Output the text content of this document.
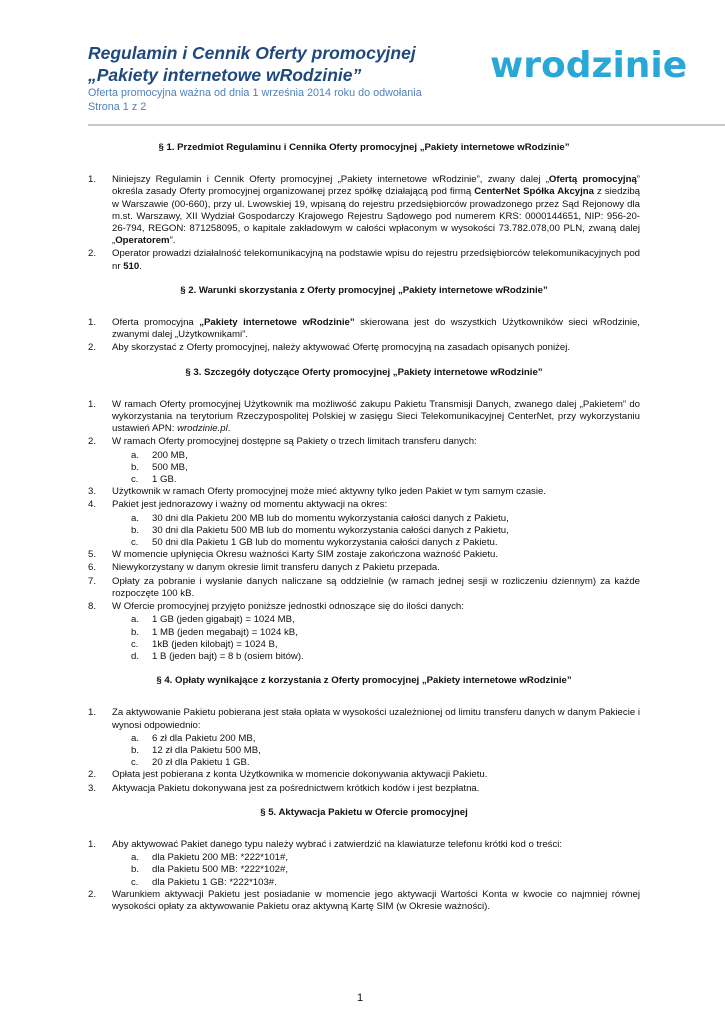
Regulamin i Cennik Oferty promocyjnej
„Pakiety internetowe wRodzinie”
Oferta promocyjna ważna od dnia 1 września 2014 roku do odwołania
Strona 1 z 2
wrodzinie
§ 1. Przedmiot Regulaminu i Cennika Oferty promocyjnej „Pakiety internetowe wRodzinie”
1.	Niniejszy Regulamin i Cennik Oferty promocyjnej „Pakiety internetowe wRodzinie”, zwany dalej „Ofertą promocyjną” określa zasady Oferty promocyjnej organizowanej przez spółkę działającą pod firmą CenterNet Spółka Akcyjna z siedzibą w Warszawie (00-660), przy ul. Lwowskiej 19, wpisaną do rejestru przedsiębiorców prowadzonego przez Sąd Rejonowy dla m.st. Warszawy, XII Wydział Gospodarczy Krajowego Rejestru Sądowego pod numerem KRS: 0000144651, NIP: 956-20-26-794, REGON: 871258095, o kapitale zakładowym w całości wpłaconym w wysokości 73.782.078,00 PLN, zwaną dalej „Operatorem”.
2.	Operator prowadzi działalność telekomunikacyjną na podstawie wpisu do rejestru przedsiębiorców telekomunikacyjnych pod nr 510.
§ 2. Warunki skorzystania z Oferty promocyjnej „Pakiety internetowe wRodzinie”
1.	Oferta promocyjna „Pakiety internetowe wRodzinie” skierowana jest do wszystkich Użytkowników sieci wRodzinie, zwanymi dalej „Użytkownikami”.
2.	Aby skorzystać z Oferty promocyjnej, należy aktywować Ofertę promocyjną na zasadach opisanych poniżej.
§ 3. Szczegóły dotyczące Oferty promocyjnej „Pakiety internetowe wRodzinie”
1.	W ramach Oferty promocyjnej Użytkownik ma możliwość zakupu Pakietu Transmisji Danych, zwanego dalej „Pakietem” do wykorzystania na terytorium Rzeczypospolitej Polskiej w zasięgu Sieci Telekomunikacyjnej CenterNet, przy wykorzystaniu ustawień APN: wrodzinie.pl.
2.	W ramach Oferty promocyjnej dostępne są Pakiety o trzech limitach transferu danych:
a.	200 MB,
b.	500 MB,
c.	1 GB.
3.	Użytkownik w ramach Oferty promocyjnej może mieć aktywny tylko jeden Pakiet w tym samym czasie.
4.	Pakiet jest jednorazowy i ważny od momentu aktywacji na okres:
a.	30 dni dla Pakietu 200 MB lub do momentu wykorzystania całości danych z Pakietu,
b.	30 dni dla Pakietu 500 MB lub do momentu wykorzystania całości danych z Pakietu,
c.	50 dni dla Pakietu 1 GB lub do momentu wykorzystania całości danych z Pakietu.
5.	W momencie upłynięcia Okresu ważności Karty SIM zostaje zakończona ważność Pakietu.
6.	Niewykorzystany w danym okresie limit transferu danych z Pakietu przepada.
7.	Opłaty za pobranie i wysłanie danych naliczane są oddzielnie (w ramach jednej sesji w rozliczeniu dziennym) za każde rozpoczęte 100 kB.
8.	W Ofercie promocyjnej przyjęto poniższe jednostki odnoszące się do ilości danych:
a.	1 GB (jeden gigabajt) = 1024 MB,
b.	1 MB (jeden megabajt) = 1024 kB,
c.	1kB (jeden kilobajt) = 1024 B,
d.	1 B (jeden bajt) = 8 b (osiem bitów).
§ 4. Opłaty wynikające z korzystania z Oferty promocyjnej „Pakiety internetowe wRodzinie”
1.	Za aktywowanie Pakietu pobierana jest stała opłata w wysokości uzależnionej od limitu transferu danych w danym Pakiecie i wynosi odpowiednio:
a.	6 zł dla Pakietu 200 MB,
b.	12 zł dla Pakietu 500 MB,
c.	20 zł dla Pakietu 1 GB.
2.	Opłata jest pobierana z konta Użytkownika w momencie dokonywania aktywacji Pakietu.
3.	Aktywacja Pakietu dokonywana jest za pośrednictwem krótkich kodów i jest bezpłatna.
§ 5. Aktywacja Pakietu w Ofercie promocyjnej
1.	Aby aktywować Pakiet danego typu należy wybrać i zatwierdzić na klawiaturze telefonu krótki kod o treści:
a.	dla Pakietu 200 MB: *222*101#,
b.	dla Pakietu 500 MB: *222*102#,
c.	dla Pakietu 1 GB: *222*103#.
2.	Warunkiem aktywacji Pakietu jest posiadanie w momencie jego aktywacji Wartości Konta w kwocie co najmniej równej wysokości opłaty za aktywowanie Pakietu oraz aktywną Kartę SIM (w Okresie ważności).
1
